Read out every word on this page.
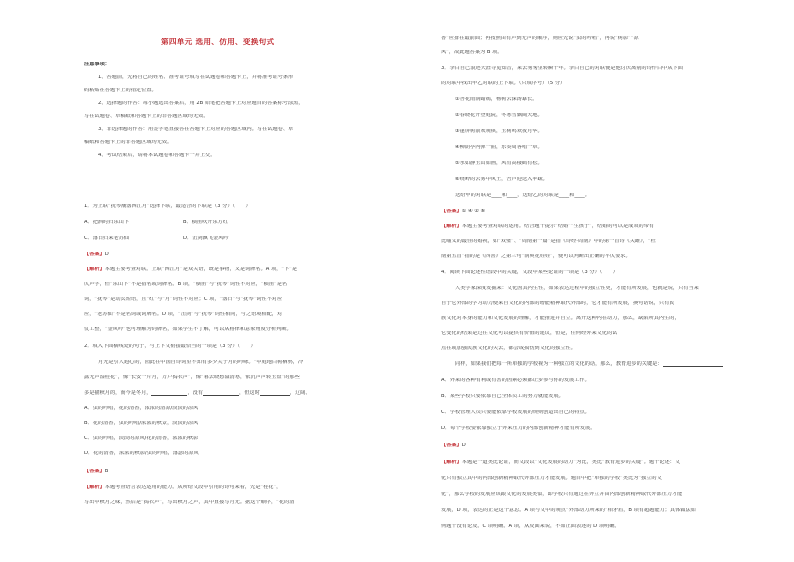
第四单元 选用、仿用、变换句式
注意事项：
1、答题前，先将自己的姓名、准考证号填写在试题卷和答题卡上，并将准考证号条形
码粘贴在答题卡上的指定位置。
2、选择题的作答：每小题选出答案后，用 2B 铅笔把答题卡上对应题目的答案标号涂黑，
写在试题卷、草稿纸和答题卡上的非答题区域均无效。
3、非选择题的作答：用签字笔直接答在答题卡上对应的答题区域内。写在试题卷、草
稿纸和答题卡上的非答题区域均无效。
4、考试结束后，请将本试题卷和答题卡一并上交。
1．为上联“抚琴潮落西江月”选择下联，最适合的下联是（3 分）（　　）
A．把酒时归东山下	B．横笛吹开东方红
C．落日归来老苏仙	D．击剑飘飞金风吟
【答案】D
【解析】本题主要考查对联。上联“西江月”是双关语，既是事物，又是词牌名。A 项，“下”是
仄声字，但“东山下”不是指名或词牌名。B 项，“横笛”与“抚琴”词性不对应，“横笛”是名
词，“抚琴”是动宾短语，且“红”与“月”词性不对应；C 项，“落日”与“抚琴”词性不对应
应，“老苏仙”不是名词或词牌名。D 项，“击剑”与“抚琴”词性相同，与之语境相配，对
仗工整，“金风吟”也可理解为词牌名，如果学生不了解，可以从格律和意象角度分析判断。
2．填入下面横线处的句子，与上下文衔接最恰当的一项是（3 分）（　　）
月光是引人遐心的，园此在中国自诗词里不知有多少关于月的吟咏。“中庭地白树栖鸦，冷
露无声湿桂花”，像“长安一片月，万户捣衣声”，像“暮去晓愁溢清寒，依沉声声转玉盘”的那些
多是描秋月的，而今是冬月，	，没有	，但这时	，辽阔、
A．虫的吟唱，花的清香，浓浓的清凉/淡淡的凉风
B．花的清香，虫的吟唱/浓浓的秋景，淡淡的凉风
C．虫的吟唱，淡淡的凉风/花的清香，浓浓的秋影
D．花的清香，浓浓的秋影/虫的吟唱，落瑟的凉风
【答案】B
【解析】本题考查语言表达运用的能力。从所给文段中引用的诗句来看，先是“桂花”，
写出中秋月之味，然后是“捣衣声”，写出秋月之声，其中直接写月光。据这个顺序，“花的清
香”应排在最前面；再按照由有声到无声的顺序，则应先说“虫的吟唱”，再说“树影”“凉
风”，故此题答案为 B 项。
3．李白自己浪迹天涯寻觅知音，来去匆匆里转瞬千年。李白自己的对联便是他讨厌离别的诗作白中从下面
的对联中找出甲乙对联的上下联。（只填序号）（5 分）
①杏花雨润蜡嫣，杨树云深涛暴长。
②春晓花开登庭院，冬寒雪飘阔天地。
③蓬屏树前欢观棋，玉树鸣欢夜月华。
④柳荫亭内弹一曲，乐奏周客唱一章。
⑤水如静玉山如画，风有高楼鹤有松。
⑥绕岭的云雾中风王，吾芦迎送入苹疏。
送给甲的对联是____和____，送给乙的对联是____和____。
【答案】① ④ ② ⑥
【解析】本题主要考查对联的运用。结合题干提示“结婚”“生孩子”，结婚的可以是成双的带有
比喻义的最佳的婚祝，如“双璧”、“周南第一篇”是指《诗经·周南》中的第一首诗《关雎》，“杜
南第五首”指的是《四善》之第三句“润爽花娃娃”，便可以判断出正确的平仄要求。
4．阅读下面论述性语段中的关键，文段中某些论证的一项是（3 分）（　　）
人类学家深度发掘来：文化因其内生性，如果表达过程中的独立性更，才能有所发展，也就是说，只有当来
自于它外部的学习动力使来自文化的内部的增能精神取代外部时，它才能有所发展，换句话说，只有民
族文化对本身的能力和文化发展的理解，才能推进并自立。离开这种内在动力，那么，缺陷所其内生的，
它变化的结果是过往文化可以提供有价值的建议，但是，任何经外来文化的试
点在或加强民族文化的失去，都会或损伤到文化的独立性。
同样，如果我们把每一所单独的学校视为一种独立的文化的话，那么，教育进步的关键是：
A．外来的各种有利或有害的因素必须都让步参与你的发展工作。
B．某些学校只要依靠自己全体员工的努力就能发展。
C．学校管理人员只要能依靠学校发展的规则创造出自己的特点。
D．每个学校要依靠独立于外来压力的内部创新精神才能有所发展。
【答案】D
【解析】本题是一道类比论证，而文段以“文化发展的动力”为比，类比“教育进步的关键”。题干论述：文
化只有独立其中的内部创新精神取代外部压力才能发展。题目中把“单独的学校”类比为“独立的文
化”，那么学校的发展应该跟文化的发展类似，即学校只有通过在外立并由内部创新精神取代外部压力才能
发展，D 项，表达的正是这个意思。A 项与文中的观点“外部动力所来的”相矛盾，B 项有超越能力；具体做法如
何题干没有论及。C 项明确。A 项，从反面来说，不如正面表述的 D 项明确。
